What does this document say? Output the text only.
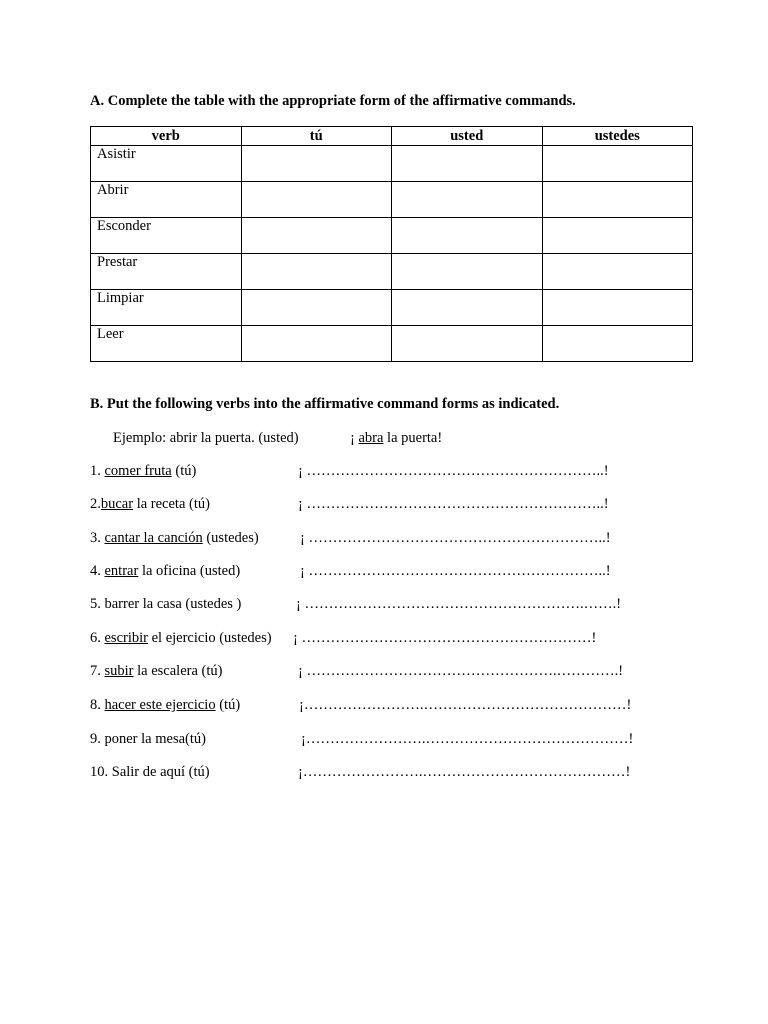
A. Complete the table with the appropriate form of the affirmative commands.
verb	tú	usted	ustedes
Asistir			
Abrir			
Esconder			
Prestar			
Limpiar			
Leer			
B. Put the following verbs into the affirmative command forms as indicated.
Ejemplo: abrir la puerta. (usted)	¡ abra la puerta!
1. comer fruta (tú)	¡ ……………………………………………………..!
2.bucar la receta (tú)	¡ ……………………………………………………..!
3. cantar la canción (ustedes)	¡ ……………………………………………………..!
4. entrar la oficina (usted)	¡ ……………………………………………………..!
5. barrer la casa (ustedes )	¡ ………………………………………………….…….!
6. escribir el ejercicio (ustedes) ¡ ……………………………………………………!
7. subir la escalera (tú)	¡ …………………………………………….………….!
8. hacer este ejercicio (tú)	¡…………………….……………………………………!
9. poner la mesa(tú)	¡…………………….……………………………………!
10. Salir de aquí (tú)	¡…………………….……………………………………!
